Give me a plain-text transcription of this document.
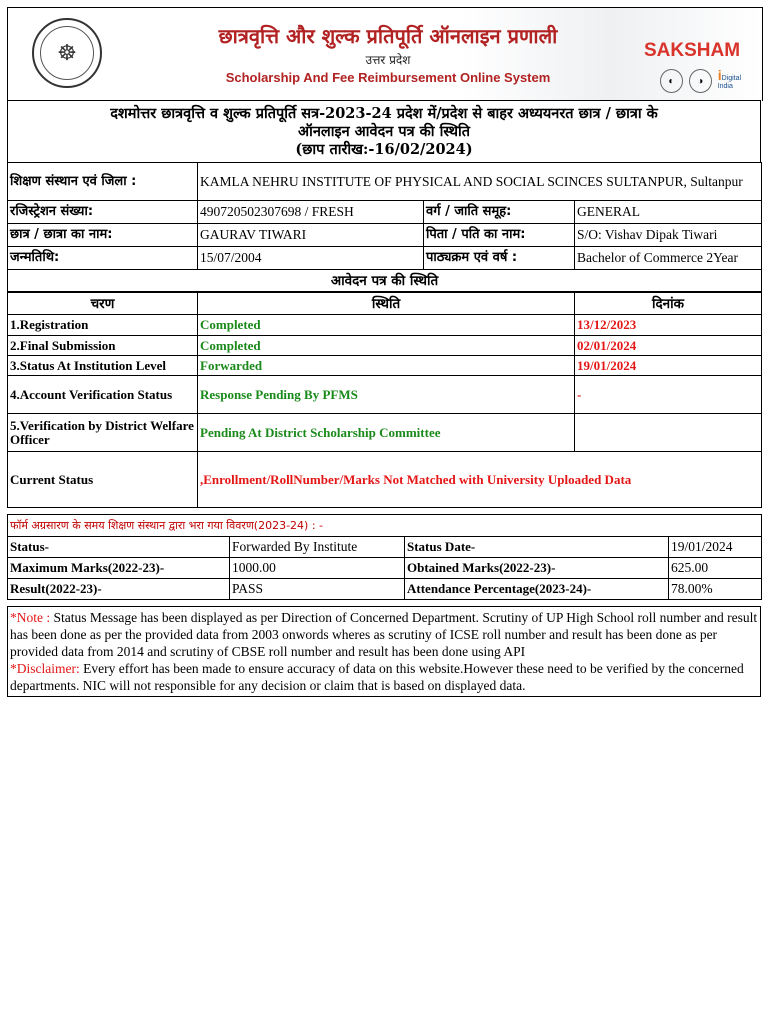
☸
छात्रवृत्ति और शुल्क प्रतिपूर्ति ऑनलाइन प्रणाली
उत्तर प्रदेश
Scholarship And Fee Reimbursement Online System
SAKSHAM
◐	◑	iDigital India
दशमोत्तर छात्रवृत्ति व शुल्क प्रतिपूर्ति सत्र-2023-24 प्रदेश में/प्रदेश से बाहर अध्ययनरत छात्र / छात्रा के
ऑनलाइन आवेदन पत्र की स्थिति
(छाप तारीख:-16/02/2024)
शिक्षण संस्थान एवं जिला :	KAMLA NEHRU INSTITUTE OF PHYSICAL AND SOCIAL SCINCES SULTANPUR, Sultanpur		
रजिस्ट्रेशन संख्या:	490720502307698 / FRESH	वर्ग / जाति समूह:	GENERAL
छात्र / छात्रा का नाम:	GAURAV TIWARI	पिता / पति का नाम:	S/O: Vishav Dipak Tiwari
जन्मतिथि:	15/07/2004	पाठ्यक्रम एवं वर्ष :	Bachelor of Commerce 2Year
आवेदन पत्र की स्थिति			
चरण	स्थिति	दिनांक
1.Registration	Completed	13/12/2023
2.Final Submission	Completed	02/01/2024
3.Status At Institution Level	Forwarded	19/01/2024
4.Account Verification Status	Response Pending By PFMS	-
5.Verification by District Welfare Officer	Pending At District Scholarship Committee	
Current Status	,Enrollment/RollNumber/Marks Not Matched with University Uploaded Data	
फॉर्म अग्रसारण के समय शिक्षण संस्थान द्वारा भरा गया विवरण(2023-24) : -			
Status-	Forwarded By Institute	Status Date-	19/01/2024
Maximum Marks(2022-23)-	1000.00	Obtained Marks(2022-23)-	625.00
Result(2022-23)-	PASS	Attendance Percentage(2023-24)-	78.00%
*Note : Status Message has been displayed as per Direction of Concerned Department. Scrutiny of UP High School roll number and result has been done as per the provided data from 2003 onwords wheres as scrutiny of ICSE roll number and result has been done as per provided data from 2014 and scrutiny of CBSE roll number and result has been done using API
*Disclaimer: Every effort has been made to ensure accuracy of data on this website.However these need to be verified by the concerned departments. NIC will not responsible for any decision or claim that is based on displayed data.
